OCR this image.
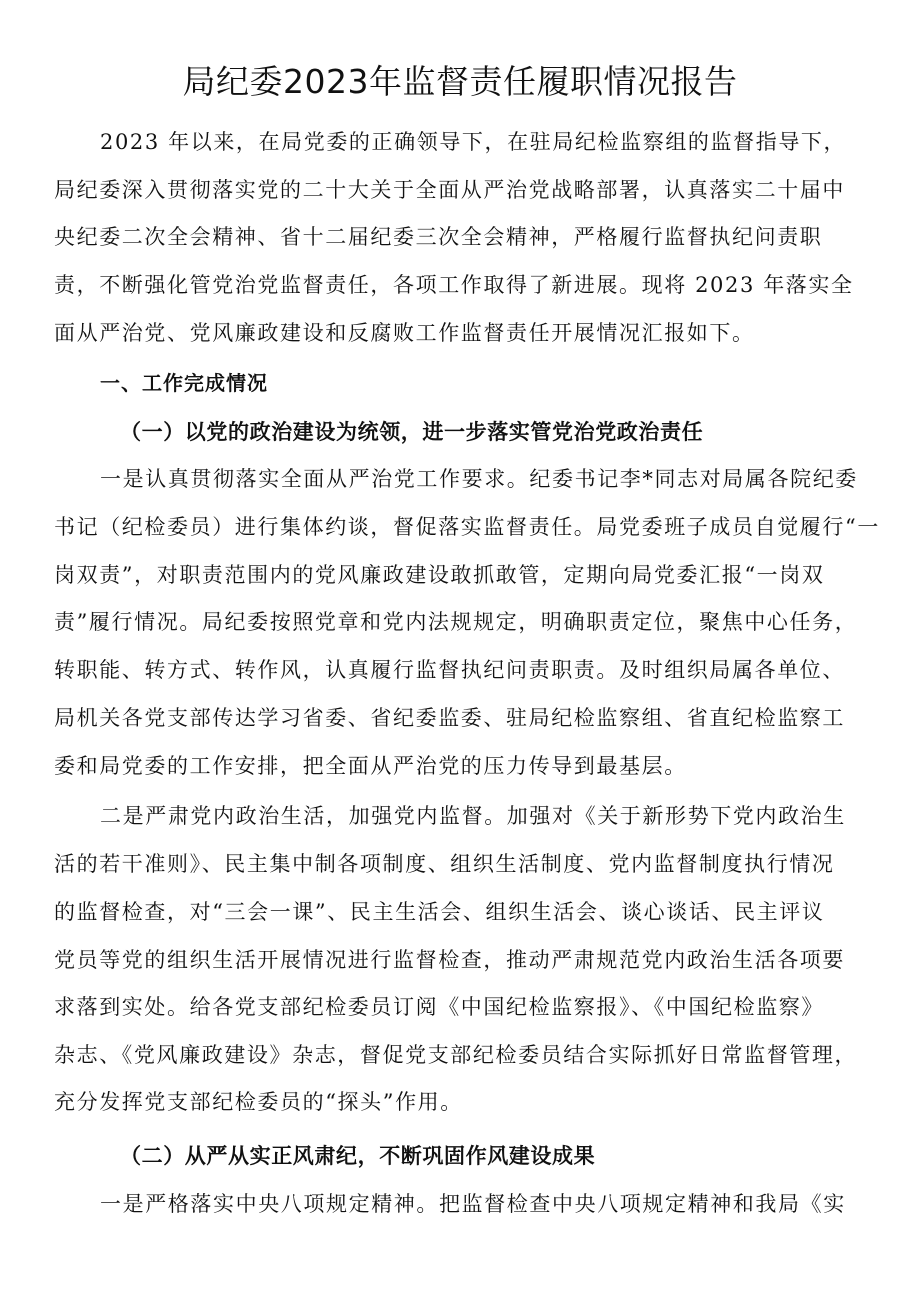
局纪委2023年监督责任履职情况报告
2023 年以来，在局党委的正确领导下，在驻局纪检监察组的监督指导下，
局纪委深入贯彻落实党的二十大关于全面从严治党战略部署，认真落实二十届中
央纪委二次全会精神、省十二届纪委三次全会精神，严格履行监督执纪问责职
责，不断强化管党治党监督责任，各项工作取得了新进展。现将 2023 年落实全
面从严治党、党风廉政建设和反腐败工作监督责任开展情况汇报如下。
一、工作完成情况
（一）以党的政治建设为统领，进一步落实管党治党政治责任
一是认真贯彻落实全面从严治党工作要求。纪委书记李*同志对局属各院纪委
书记（纪检委员）进行集体约谈，督促落实监督责任。局党委班子成员自觉履行“一
岗双责”，对职责范围内的党风廉政建设敢抓敢管，定期向局党委汇报“一岗双
责”履行情况。局纪委按照党章和党内法规规定，明确职责定位，聚焦中心任务，
转职能、转方式、转作风，认真履行监督执纪问责职责。及时组织局属各单位、
局机关各党支部传达学习省委、省纪委监委、驻局纪检监察组、省直纪检监察工
委和局党委的工作安排，把全面从严治党的压力传导到最基层。
二是严肃党内政治生活，加强党内监督。加强对《关于新形势下党内政治生
活的若干准则》、民主集中制各项制度、组织生活制度、党内监督制度执行情况
的监督检查，对“三会一课”、民主生活会、组织生活会、谈心谈话、民主评议
党员等党的组织生活开展情况进行监督检查，推动严肃规范党内政治生活各项要
求落到实处。给各党支部纪检委员订阅《中国纪检监察报》、《中国纪检监察》
杂志、《党风廉政建设》杂志，督促党支部纪检委员结合实际抓好日常监督管理，
充分发挥党支部纪检委员的“探头”作用。
（二）从严从实正风肃纪，不断巩固作风建设成果
一是严格落实中央八项规定精神。把监督检查中央八项规定精神和我局《实
